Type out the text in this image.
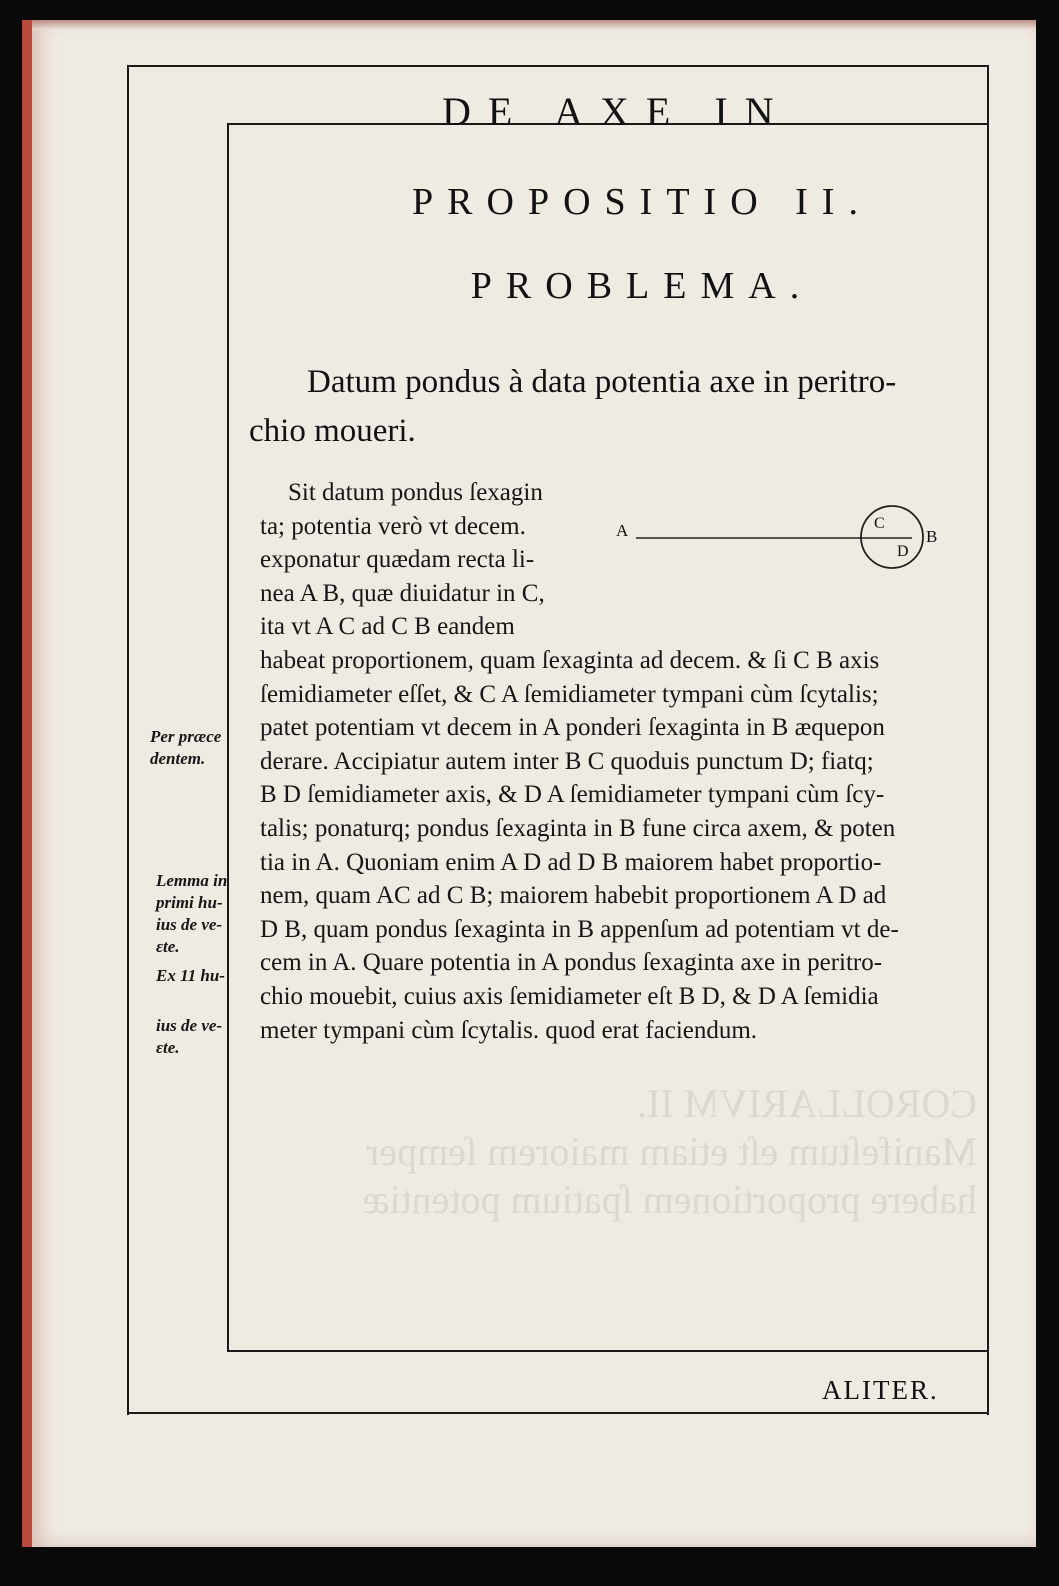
COROLLARIVM II.
Manifeſtum eſt etiam maiorem ſemper
habere proportionem ſpatium potentiæ
DE AXE IN
PROPOSITIO II.
PROBLEMA.
Datum pondus à data potentia axe in peritro-
chio moueri.
A	B
C
D
Sit datum pondus ſexagin
ta; potentia verò vt decem.
exponatur quædam recta li-
nea A B, quæ diuidatur in C,
ita vt A C ad C B eandem
habeat proportionem, quam ſexaginta ad decem. & ſi C B axis
ſemidiameter eſſet, & C A ſemidiameter tympani cùm ſcytalis;
patet potentiam vt decem in A ponderi ſexaginta in B æquepon
derare. Accipiatur autem inter B C quoduis punctum D; fiatq;
B D ſemidiameter axis, & D A ſemidiameter tympani cùm ſcy-
talis; ponaturq; pondus ſexaginta in B fune circa axem, & poten
tia in A. Quoniam enim A D ad D B maiorem habet proportio-
nem, quam AC ad C B; maiorem habebit proportionem A D ad
D B, quam pondus ſexaginta in B appenſum ad potentiam vt de-
cem in A. Quare potentia in A pondus ſexaginta axe in peritro-
chio mouebit, cuius axis ſemidiameter eſt B D, & D A ſemidia
meter tympani cùm ſcytalis. quod erat faciendum.
Per præce dentem.
Lemma in primi hu- ius de ve- ɛte.
Ex 11 hu-
ius de ve- ɛte.
ALITER.
